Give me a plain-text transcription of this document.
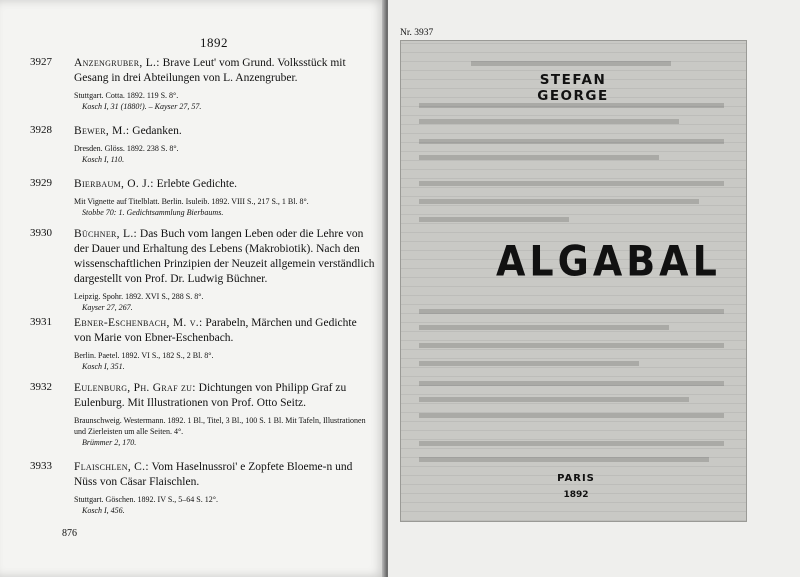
1892
3927 Anzengruber, L.: Brave Leut' vom Grund. Volksstück mit Gesang in drei Abteilungen von L. Anzengruber.
Stuttgart. Cotta. 1892. 119 S. 8°.
Kosch I, 31 (1880!). – Kayser 27, 57.
3928 Bewer, M.: Gedanken.
Dresden. Glöss. 1892. 238 S. 8°.
Kosch I, 110.
3929 Bierbaum, O. J.: Erlebte Gedichte.
Mit Vignette auf Titelblatt. Berlin. Isuleib. 1892. VIII S., 217 S., 1 Bl. 8°.
Stobbe 70: 1. Gedichtsammlung Bierbaums.
3930 Büchner, L.: Das Buch vom langen Leben oder die Lehre von der Dauer und Erhaltung des Lebens (Makrobiotik). Nach den wissenschaftlichen Prinzipien der Neuzeit allgemein verständlich dargestellt von Prof. Dr. Ludwig Büchner.
Leipzig. Spohr. 1892. XVI S., 288 S. 8°.
Kayser 27, 267.
3931 Ebner-Eschenbach, M. v.: Parabeln, Märchen und Gedichte von Marie von Ebner-Eschenbach.
Berlin. Paetel. 1892. VI S., 182 S., 2 Bl. 8°.
Kosch I, 351.
3932 Eulenburg, Ph. Graf zu: Dichtungen von Philipp Graf zu Eulenburg. Mit Illustrationen von Prof. Otto Seitz.
Braunschweig. Westermann. 1892. 1 Bl., Titel, 3 Bl., 100 S. 1 Bl. Mit Tafeln, Illustrationen und Zierleisten um alle Seiten. 4°.
Brümmer 2, 170.
3933 Flaischlen, C.: Vom Haselnussroi' e Zopfete Bloeme-n und Nüss von Cäsar Flaischlen.
Stuttgart. Göschen. 1892. IV S., 5–64 S. 12°.
Kosch I, 456.
876
Nr. 3937
STEFAN GEORGE
ALGABAL
PARIS
1892
